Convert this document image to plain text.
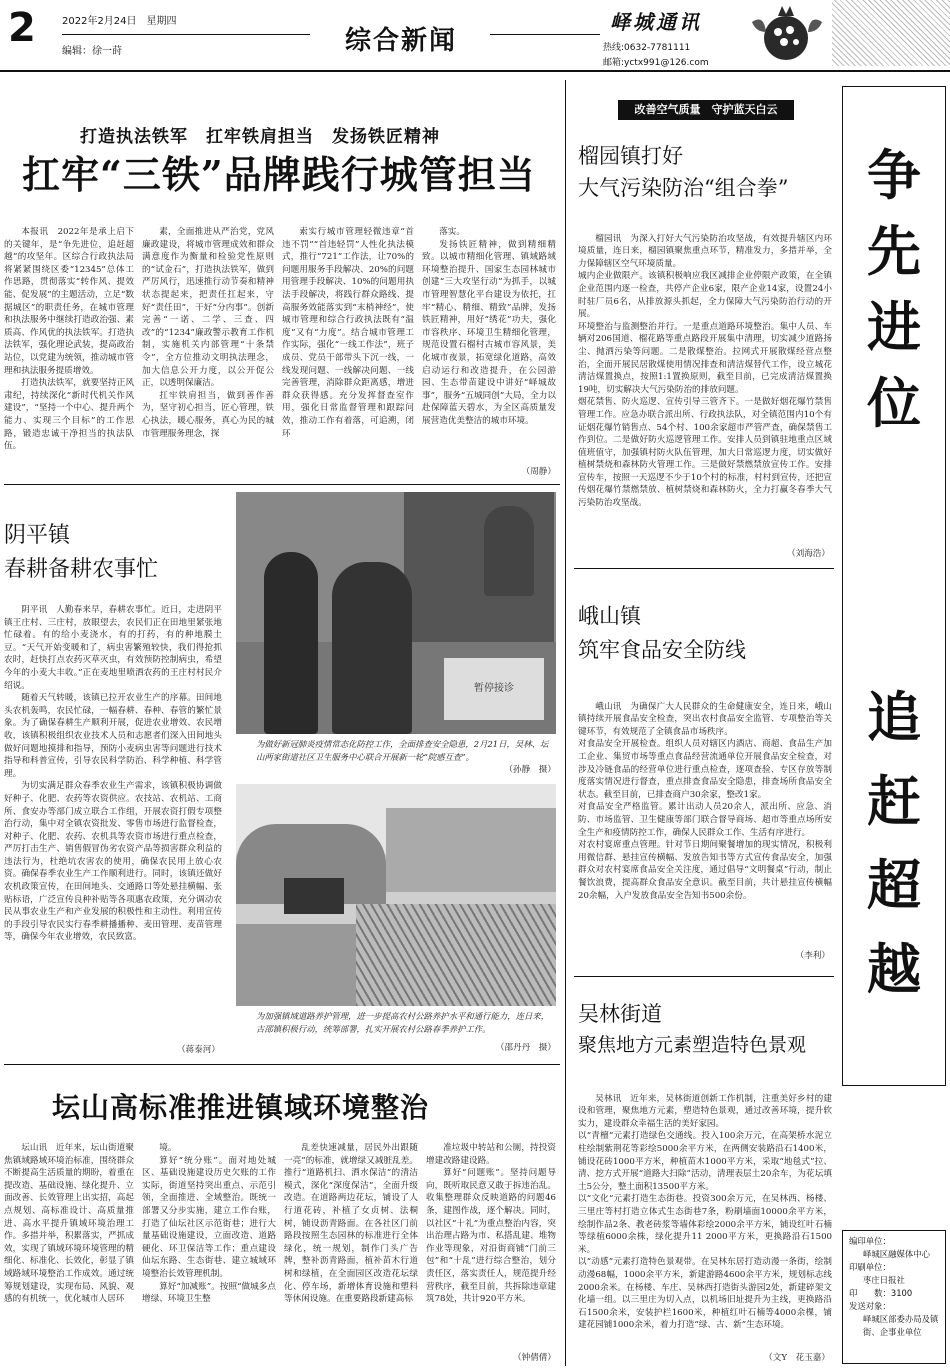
2	2022年2月24日　 星期四
编辑：徐一莳	综合新闻
峄城通讯
热线:0632-7781111
邮箱:yctx991@126.com
打造执法铁军　扛牢铁肩担当　发扬铁匠精神
扛牢“三铁”品牌践行城管担当

本报讯　2022年是承上启下的关键年，是“争先进位，追赶超越”的攻坚年。区综合行政执法局将紧紧围绕区委“12345”总体工作思路，贯彻落实“转作风、提效能、促发展”的主题活动，立足“数据城区”的职责任务，在城市管理和执法服务中继续打造政治强、素质高、作风优的执法铁军。打造执法铁军，强化理论武装，提高政治站位，以党建为统领，推动城市管理和执法服务提质增效。

打造执法铁军，就要坚持正风肃纪，持续深化“新时代机关作风建设”，“坚持一个中心、提升两个能力、实现三个目标”的工作思路，锻造忠诚干净担当的执法队伍。

素，全面推进从严治党，党风廉政建设，将城市管理成效和群众满意度作为衡量和检验党性原则的“试金石”，打造执法铁军，做到严厉风行，迅速推行动节奏和精神状态提起来，把责任扛起来，守好“责任田”，干好“分内事”。创新完善“一诺、二学、三查、四改”的“1234”廉政警示教育工作机制，实施机关内部管理“十条禁令”，全方位推动文明执法理念，加大信息公开力度，以公开促公正，以透明保廉洁。

扛牢铁肩担当，做到善作善为，坚守初心担当，匠心管理，铁心执法，暖心服务，真心为民的城市管理服务理念，探

索实行城市管理轻微违章“首违不罚”“首违轻罚”人性化执法模式，推行“721”工作法，让70%的问题用服务手段解决、20%的问题用管理手段解决、10%的问题用执法手段解决，将践行群众路线、提高服务效能落实到“末梢神经”，使城市管理和综合行政执法既有“温度”又有“力度”。结合城市管理工作实际，强化“一线工作法”，班子成员、党员干部带头下沉一线，一线发现问题、一线解决问题、一线完善管理，消除群众距离感，增进群众获得感。充分发挥督查室作用，强化日常监督管理和跟踪问效，推动工作有着落，可追溯，闭环

落实。

发扬铁匠精神，做到精细精致。以城市精细化管理、镇域路域环境整治提升、国家生态园林城市创建“三大攻坚行动”为抓手，以城市管理智慧化平台建设为依托，扛牢“精心、精细、精致”品牌，发扬铁匠精神，用好“绣花”功夫，强化市容秩序、环境卫生精细化管理，规范设置石榴村古城市容风景，美化城市夜景，拓宽绿化道路，高效启动运行和改造提升，在公园游园、生态带苗建设中讲好“峄城故事”，服务“五城同创”大局，全力以赴保障蓝天碧水，为全区高质量发展营造优美整洁的城市环境。

（周静）
阴平镇
春耕备耕农事忙

阴平讯　人勤春来早，春耕农事忙。近日，走进阴平镇王庄村、三庄村，放眼望去，农民们正在田地里紧张地忙碌着。有的给小麦浇水，有的打药，有的种地膜土豆。“天气开始变暖和了，病虫害繁殖较快，我们得抢抓农时，赶快打点农药灭草灭虫，有效预防控制病虫，希望今年的小麦大丰收。”正在麦地里喷洒农药的王庄村村民介绍说。

随着天气转暖，该镇已拉开农业生产的序幕。田间地头农机轰鸣，农民忙碌，一幅春耕、春种、春管的繁忙景象。为了确保春耕生产顺利开展，促进农业增效、农民增收，该镇积极组织农业技术人员和志愿者们深入田间地头做好问题地摸排和指导，预防小麦病虫害等问题进行技术指导和科普宣传，引导农民科学防治、科学种植、科学管理。

为切实满足群众春季农业生产需求，该镇积极协调做好种子、化肥、农药等农资供应。农技站、农机站、工商所、食安办等部门成立联合工作组，开展农资打假专项整治行动，集中对全镇农资批发、零售市场进行监督检查，对种子、化肥、农药、农机具等农资市场进行重点检查，严厉打击生产、销售假冒伪劣农资产品等损害群众利益的违法行为，杜绝坑农害农的使用，确保农民用上放心农资。确保春季农业生产工作顺利进行。同时，该镇还做好农机政策宣传，在田间地头、交通路口等处悬挂横幅、张贴标语，广泛宣传良种补贴等各项惠农政策，充分调动农民从事农业生产和产业发展的积极性和主动性。利用宣传的手段引导农民实行春季耕播播种、麦田管理、麦苗管理等，确保今年农业增效，农民致富。

（蒋泰河）
暂停接诊
为做好新冠肺炎疫情常态化防控工作，全面排查安全隐患，2月21日，吴林、坛山两家街道社区卫生服务中心联合开展新一轮“院感互查”。
（孙静　摄）
为加强镇域道路养护管理，进一步提高农村公路养护水平和通行能力，连日来，古邵镇积极行动，统筹部署，扎实开展农村公路春季养护工作。
（邵丹丹　摄）
坛山高标准推进镇域环境整治

坛山讯　近年来，坛山街道聚焦镇域路域环境治标准，围绕群众不断提高生活质量的期盼，着重在提改造、基础设施、绿化提升、立面改善、长效管理上出实招，高起点规划、高标准设计、高质量推进、高水平提升镇域环境治理工作。多措并举，积累落实，严抓成效，实现了镇域环境环境管理的精细化、标准化、长效化，彰显了镇域路域环境整治工作成效。通过统筹规划建设，实现布局、风貌、观感的有机统一，优化城市人居环

境。

算好“统分账”。面对地处城区、基础设施建设历史欠账的工作实际，街道坚持突出重点、示范引领，全面推进、全域整治。既统一部署又分步实施，建立工作台账，打造了仙坛社区示范街巷；进行大量基础设施建设，立面改造、道路硬化、环卫保洁等工作；重点建设仙坛东路、生态街巷、建立城域环境整治长效管理机制。

算好“加减账”。按照“做城多点增绿、环境卫生整

乱差快速减量，居民外出跟随一亮”的标准，就增绿又减脏乱差。推行“道路机扫、洒水保洁”的清洁模式，深化“深度保洁”，全面升级改造。在道路两边花坛，铺设了人行道花砖，补植了女贞树、法桐树，铺设沥青路面。在各社区门前路段按照生态园林的标准进行全体绿化，统一规划，制作门头广告牌，整补沥青路面，植补苗木行道树和绿植，在全面园区改造花坛绿化、停车场，新增体育设施和塑料等休闲设施。在重要路段新建高标

准垃圾中转站和公厕，持投资增建改路建设路。

算好“问题账”。坚持问题导向，既听取民意又敢于拆违治乱。收集整理群众反映道路的问题46条，建图作战，逐个解决。同时，以社区“十礼”为重点整治内容，突出治理占路为市、私搭乱建、堆物作业等现象，对沿街商铺“门前三包”和“十乱”进行综合整治，划分责任区，落实责任人，规范提升经营秩序，截至目前，共拆除违章建筑78处，共计920平方米。

（钟倩倩）
改善空气质量　守护蓝天白云
榴园镇打好
大气污染防治“组合拳”

榴园讯　为深入打好大气污染防治攻坚战，有效提升辖区内环境质量，连日来，榴园镇聚焦重点环节，精准发力，多措并举，全力保障辖区空气环境质量。
城内企业做限产。该镇积极响应我区减排企业停限产政策，在全镇企业范围内逐一检查，共停产企业6家，限产企业14家，设置24小时驻厂员6名，从排放源头抓起，全力保障大气污染防治行动的开展。
环境整治与监测整治并行。一是重点道路环境整治。集中人员、车辆对206国道、榴花路等重点路段开展集中清理，切实减少道路扬尘、抛洒污染等问题。二是散煤整治。拉网式开展散煤经营点整治，全面开展民居散煤使用情况排查和清洁煤替代工作，设立城花清洁煤置换点，按照1:1置换原则，截至目前，已完成清洁煤置换19吨，切实解决大气污染防治的排放问题。
烟花禁售、防火巡逻、宣传引导三管齐下。一是做好烟花爆竹禁售管理工作。应急办联合派出所、行政执法队，对全镇范围内10个有证烟花爆竹销售点、54个村、100余家超市严管严查，确保禁售工作到位。二是做好防火巡逻管理工作。安排人员到镇驻地重点区域值班值守，加强镇村防火队伍管理，加大日常巡逻力度，切实做好植树禁烧和森林防火管理工作。三是做好禁燃禁放宣传工作。安排宣传车，按照一天巡逻不少于10个村的标准，村村到宣传，还把宣传烟花爆竹禁燃禁放、植树禁烧和森林防火，全力打赢冬春季大气污染防治攻坚战。

（刘海浩）
峨山镇
筑牢食品安全防线

峨山讯　为确保广大人民群众的生命健康安全，连日来，峨山镇持续开展食品安全检查，突出农村食品安全监管、专项整治等关键环节，有效规范了全镇食品市场秩序。
对食品安全开展检查。组织人员对辖区内酒店、商超、食品生产加工企业、集贸市场等重点食品经营流通单位开展食品安全检查，对涉及冷链食品的经营单位进行重点检查，逐项查验、专区存放等制度落实情况进行督查，重点排查食品安全隐患，排查场所食品安全状态。截至目前，已排查商户30余家，整改1家。
对食品安全严格监管。累计出动人员20余人，派出所、应急、消防、市场监管、卫生健康等部门联合督导商场、超市等重点场所安全生产和疫情防控工作，确保人民群众工作、生活有序进行。
对农村宴席重点管理。针对节日期间聚餐增加的现实情况，积极利用微信群、悬挂宣传横幅、发放告知书等方式宣传食品安全，加强群众对农村宴席食品安全关注度，通过倡导“文明餐桌”行动，制止餐饮浪费，提高群众食品安全意识。截至目前，共计悬挂宣传横幅20余幅，入户发放食品安全告知书500余份。

（李利）
吴林街道
聚焦地方元素塑造特色景观

吴林讯　近年来，吴林街道创新工作机制，注重美好乡村的建设和管理，聚焦地方元素，塑造特色景观，通过改善环境，提升软实力，建设群众幸福生活的美好家园。
以“青檀”元素打造绿色交通线。投入100余万元，在高架桥水泥立柱绘制紫荆花等彩绘5000余平方米，在两侧安装路沿石1400米，铺设花砖1000平方米，种植苗木1000平方米，采取“地毯式”拉、清、挖方式开展“道路大扫除”活动，清理表层土20余车，为花坛填土5公分，整土面积13500平方米。
以“文化”元素打造生态街巷。投资300余万元，在吴林西、杨楼、三里庄等村打造立体式生态街巷7条，粉刷墙面10000余平方米，绘制作品2条、教老砖浆等墙体彩绘2000余平方米，铺设红叶石楠等绿植6000余株，绿化提升11 2000平方米，更换路沿石1500米。
以“动感”元素打造特色景观带。在吴林东居打造动漫一条街，绘制动漫68幅，1000余平方米，新建游路4600余平方米，规划标志线2000余米。在杨楼、车庄、吴林西打造街头游园2处，新建碎架文化墙一组。以三里庄为切入点，以机场旧址提升为主线，更换路沿石1500余米，安装护栏1600米，种植红叶石楠等4000余棵，铺建花园铺1000余米，着力打造“绿、古、新”生态环境。

（文Y　花玉嘉）
争
先
进
位
追
赶
超
越
编印单位：
峄城区融媒体中心
印刷单位：
枣庄日报社
印　　数：3100
发送对象：
峄城区部委办局及镇街、企事业单位
